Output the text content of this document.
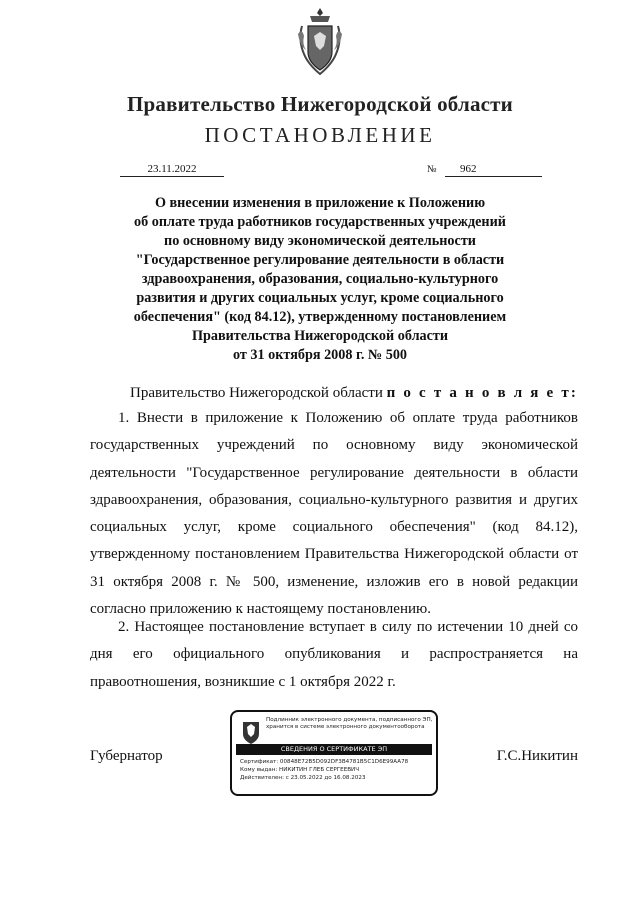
Правительство Нижегородской области
ПОСТАНОВЛЕНИЕ
23.11.2022	№	962
О внесении изменения в приложение к Положению
об оплате труда работников государственных учреждений
по основному виду экономической деятельности
"Государственное регулирование деятельности в области
здравоохранения, образования, социально-культурного
развития и других социальных услуг, кроме социального
обеспечения" (код 84.12), утвержденному постановлением
Правительства Нижегородской области
от 31 октября 2008 г. № 500
Правительство Нижегородской области п о с т а н о в л я е т:
1. Внести в приложение к Положению об оплате труда работников государственных учреждений по основному виду экономической деятельности "Государственное регулирование деятельности в области здравоохранения, образования, социально-культурного развития и других социальных услуг, кроме социального обеспечения" (код 84.12), утвержденному постановлением Правительства Нижегородской области от 31 октября 2008 г. № 500, изменение, изложив его в новой редакции согласно приложению к настоящему постановлению.
2. Настоящее постановление вступает в силу по истечении 10 дней со дня его официального опубликования и распространяется на правоотношения, возникшие с 1 октября 2022 г.
Губернатор
Подлинник электронного документа, подписанного ЭП, хранится в системе электронного документооборота
СВЕДЕНИЯ О СЕРТИФИКАТЕ ЭП
Сертификат: 00848E72B5D092DF3B4781B5C1D6E99AA78
Кому выдан: НИКИТИН ГЛЕБ СЕРГЕЕВИЧ
Действителен: с 23.05.2022 до 16.08.2023
Г.С.Никитин
